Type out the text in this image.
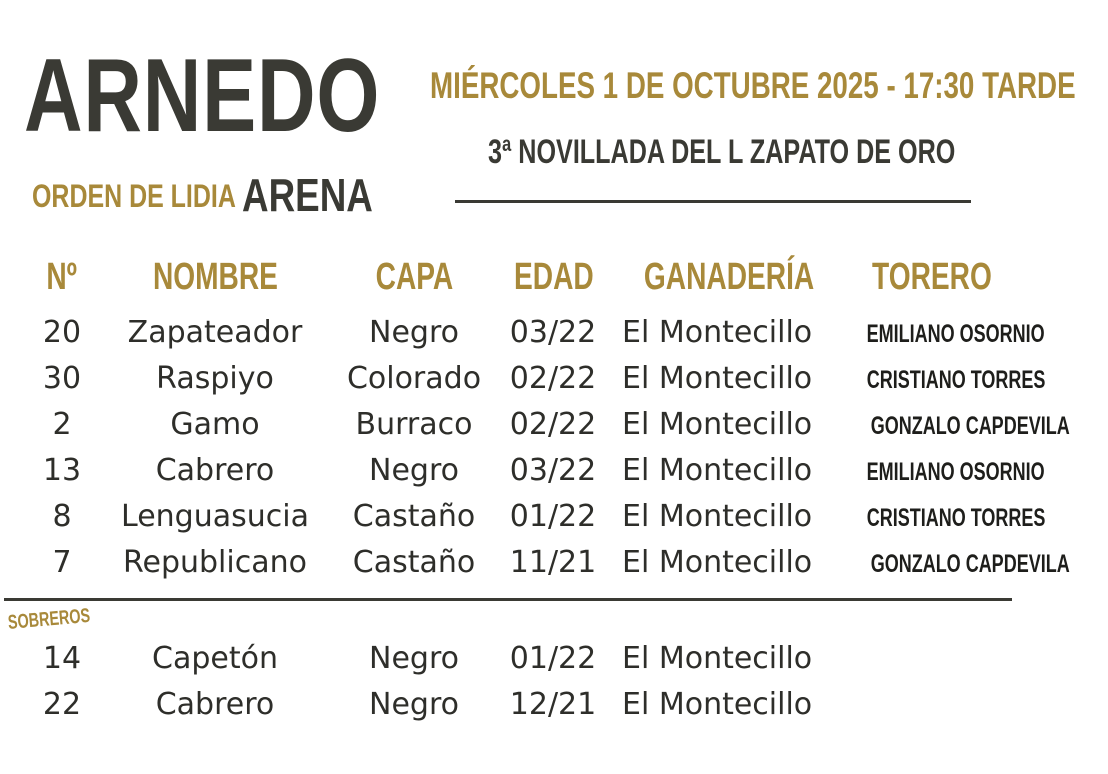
ARNEDO
ORDEN DE LIDIA ARENA
MIÉRCOLES 1 DE OCTUBRE 2025 - 17:30 TARDE
3ª NOVILLADA DEL L ZAPATO DE ORO
Nº	NOMBRE	CAPA	EDAD	GANADERÍA	TORERO
20	Zapateador	Negro	03/22 El Montecillo	EMILIANO OSORNIO
30	Raspiyo	Colorado 02/22 El Montecillo	CRISTIANO TORRES
2	Gamo	Burraco	02/22 El Montecillo	GONZALO CAPDEVILA
13	Cabrero	Negro	03/22 El Montecillo	EMILIANO OSORNIO
8	Lenguasucia	Castaño	01/22 El Montecillo	CRISTIANO TORRES
7	Republicano	Castaño	11/21 El Montecillo	GONZALO CAPDEVILA
SOBREROS
14	Capetón	Negro	01/22 El Montecillo
22	Cabrero	Negro	12/21 El Montecillo
